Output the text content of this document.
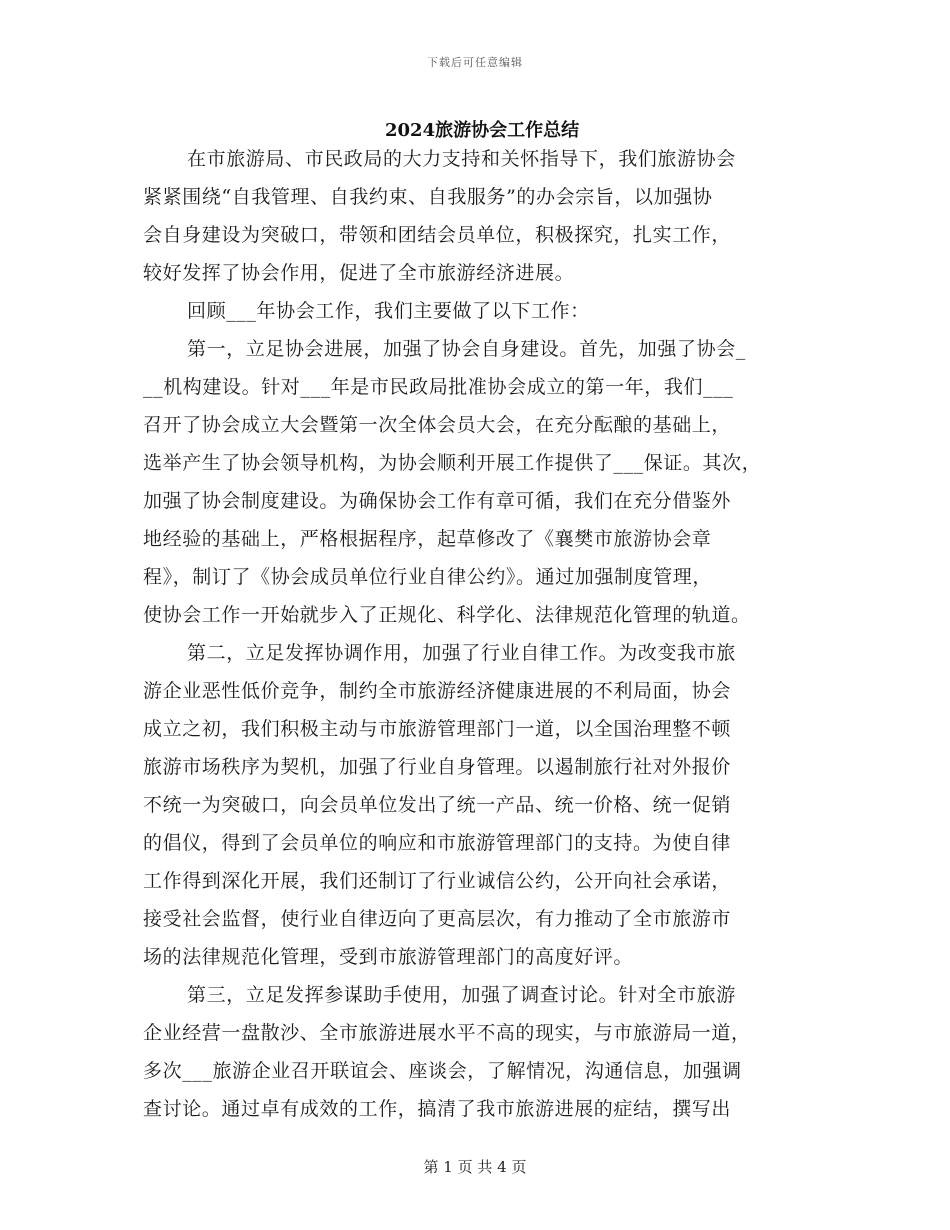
下载后可任意编辑
2024旅游协会工作总结
在市旅游局、市民政局的大力支持和关怀指导下，我们旅游协会
紧紧围绕“自我管理、自我约束、自我服务”的办会宗旨，以加强协
会自身建设为突破口，带领和团结会员单位，积极探究，扎实工作，
较好发挥了协会作用，促进了全市旅游经济进展。
回顾___年协会工作，我们主要做了以下工作：
第一，立足协会进展，加强了协会自身建设。首先，加强了协会_
__机构建设。针对___年是市民政局批准协会成立的第一年，我们___
召开了协会成立大会暨第一次全体会员大会，在充分酝酿的基础上，
选举产生了协会领导机构，为协会顺利开展工作提供了___保证。其次，
加强了协会制度建设。为确保协会工作有章可循，我们在充分借鉴外
地经验的基础上，严格根据程序，起草修改了《襄樊市旅游协会章
程》，制订了《协会成员单位行业自律公约》。通过加强制度管理，
使协会工作一开始就步入了正规化、科学化、法律规范化管理的轨道。
第二，立足发挥协调作用，加强了行业自律工作。为改变我市旅
游企业恶性低价竞争，制约全市旅游经济健康进展的不利局面，协会
成立之初，我们积极主动与市旅游管理部门一道，以全国治理整不顿
旅游市场秩序为契机，加强了行业自身管理。以遏制旅行社对外报价
不统一为突破口，向会员单位发出了统一产品、统一价格、统一促销
的倡仪，得到了会员单位的响应和市旅游管理部门的支持。为使自律
工作得到深化开展，我们还制订了行业诚信公约，公开向社会承诺，
接受社会监督，使行业自律迈向了更高层次，有力推动了全市旅游市
场的法律规范化管理，受到市旅游管理部门的高度好评。
第三，立足发挥参谋助手使用，加强了调查讨论。针对全市旅游
企业经营一盘散沙、全市旅游进展水平不高的现实，与市旅游局一道，
多次___旅游企业召开联谊会、座谈会，了解情况，沟通信息，加强调
查讨论。通过卓有成效的工作，搞清了我市旅游进展的症结，撰写出
第 1 页 共 4 页
